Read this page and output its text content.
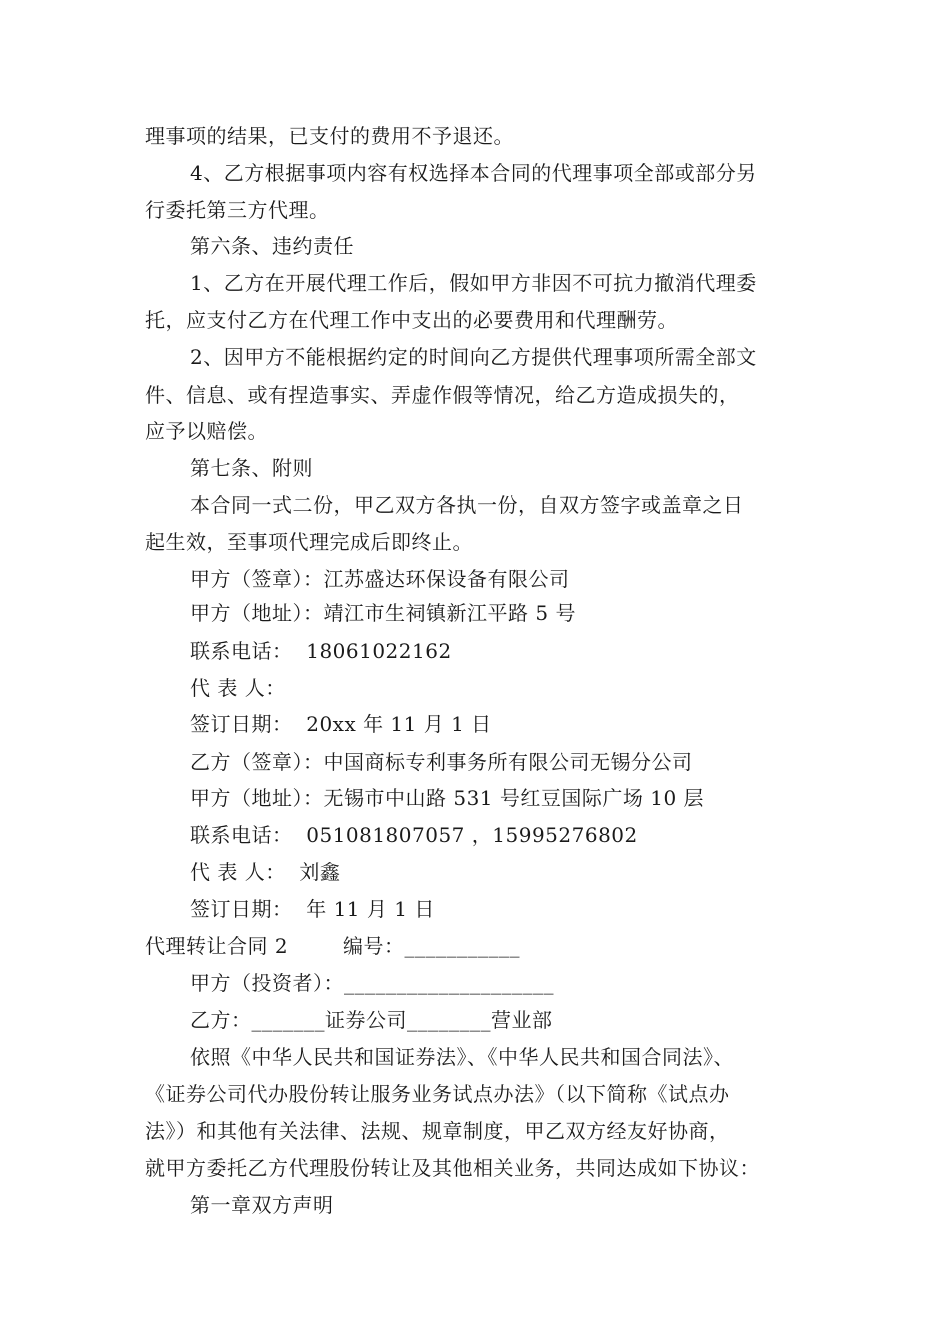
理事项的结果，已支付的费用不予退还。
4、乙方根据事项内容有权选择本合同的代理事项全部或部分另
行委托第三方代理。
第六条、违约责任
1、乙方在开展代理工作后，假如甲方非因不可抗力撤消代理委
托，应支付乙方在代理工作中支出的必要费用和代理酬劳。
2、因甲方不能根据约定的时间向乙方提供代理事项所需全部文
件、信息、或有捏造事实、弄虚作假等情况，给乙方造成损失的，
应予以赔偿。
第七条、附则
本合同一式二份，甲乙双方各执一份，自双方签字或盖章之日
起生效，至事项代理完成后即终止。
甲方（签章）：江苏盛达环保设备有限公司
甲方（地址）：靖江市生祠镇新江平路 5 号
联系电话：  18061022162
代 表 人：
签订日期：  20xx 年 11 月 1 日
乙方（签章）：中国商标专利事务所有限公司无锡分公司
甲方（地址）：无锡市中山路 531 号红豆国际广场 10 层
联系电话：  051081807057 ，15995276802
代 表 人：  刘鑫
签订日期：  年 11 月 1 日
代理转让合同 2        编号：___________
甲方（投资者）：____________________
乙方：_______证券公司________营业部
依照《中华人民共和国证券法》、《中华人民共和国合同法》、
《证券公司代办股份转让服务业务试点办法》（以下简称《试点办
法》）和其他有关法律、法规、规章制度，甲乙双方经友好协商，
就甲方委托乙方代理股份转让及其他相关业务，共同达成如下协议：
第一章双方声明
